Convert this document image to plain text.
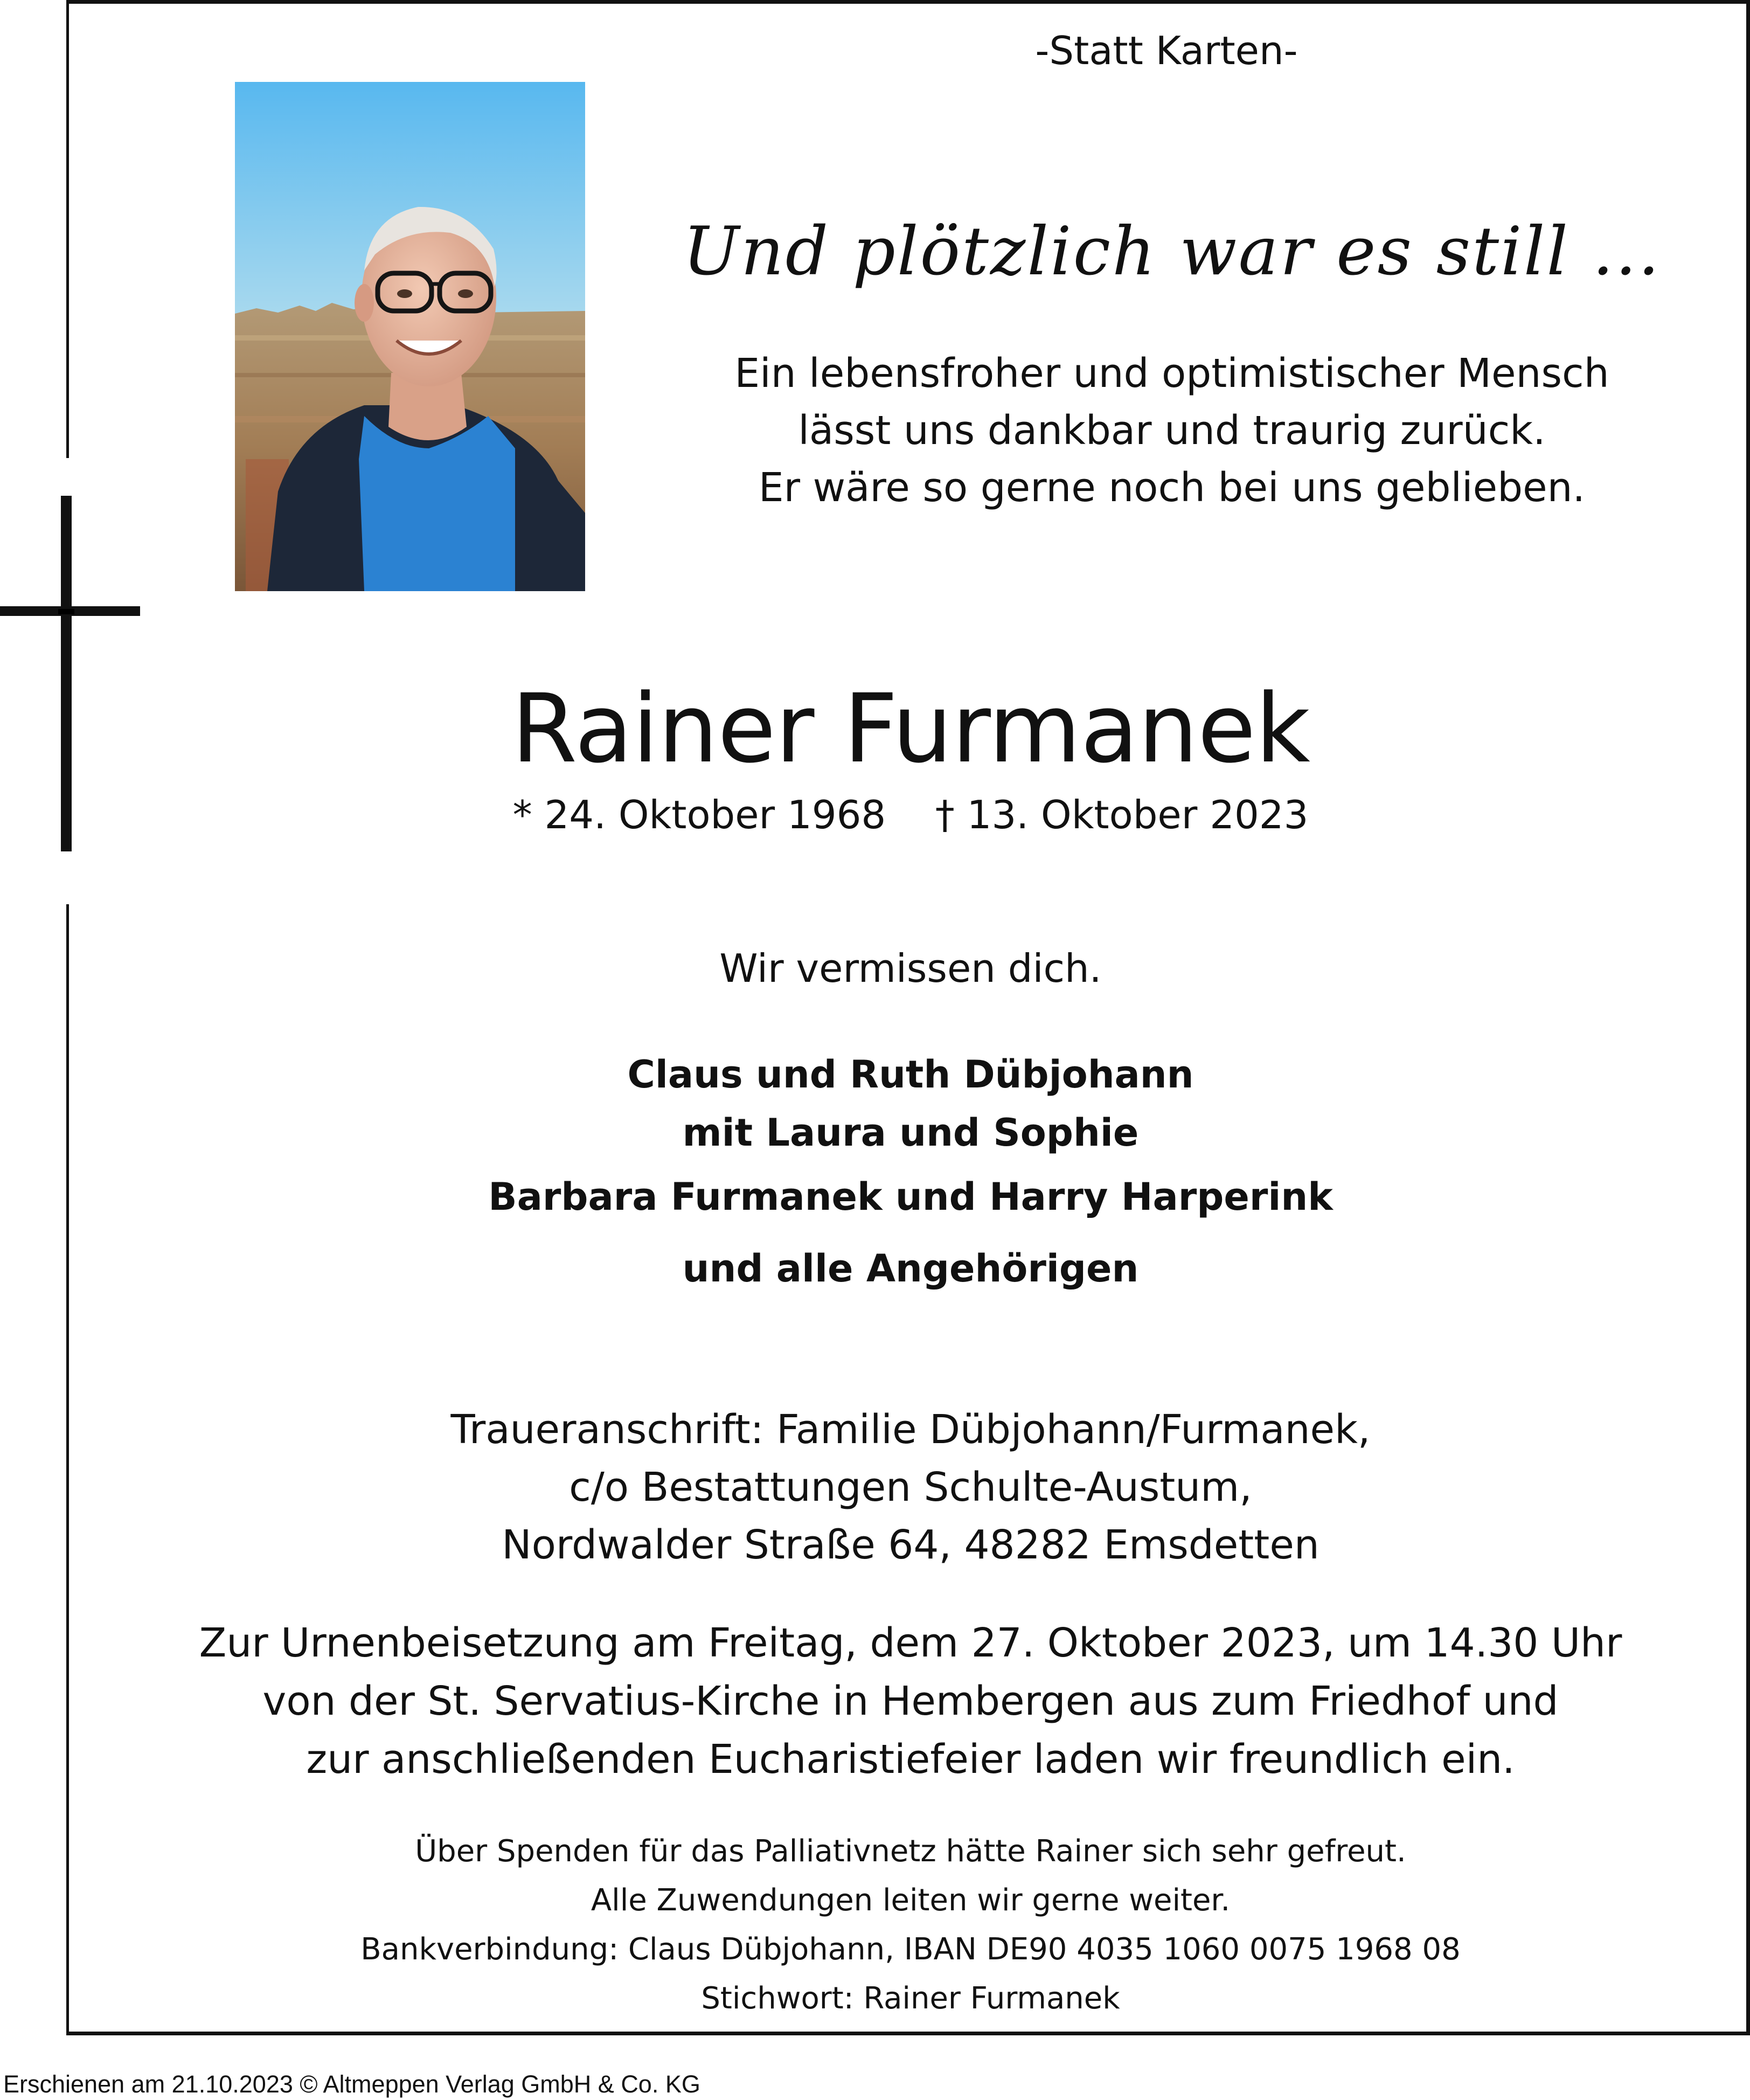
-Statt Karten-
Und plötzlich war es still ...
Ein lebensfroher und optimistischer Mensch
lässt uns dankbar und traurig zurück.
Er wäre so gerne noch bei uns geblieben.
Rainer Furmanek
* 24. Oktober 1968    † 13. Oktober 2023
Wir vermissen dich.
Claus und Ruth Dübjohann
mit Laura und Sophie
Barbara Furmanek und Harry Harperink
und alle Angehörigen
Traueranschrift: Familie Dübjohann/Furmanek,
c/o Bestattungen Schulte-Austum,
Nordwalder Straße 64, 48282 Emsdetten
Zur Urnenbeisetzung am Freitag, dem 27. Oktober 2023, um 14.30 Uhr
von der St. Servatius-Kirche in Hembergen aus zum Friedhof und
zur anschließenden Eucharistiefeier laden wir freundlich ein.
Über Spenden für das Palliativnetz hätte Rainer sich sehr gefreut.
Alle Zuwendungen leiten wir gerne weiter.
Bankverbindung: Claus Dübjohann, IBAN DE90 4035 1060 0075 1968 08
Stichwort: Rainer Furmanek
Erschienen am 21.10.2023 © Altmeppen Verlag GmbH & Co. KG
